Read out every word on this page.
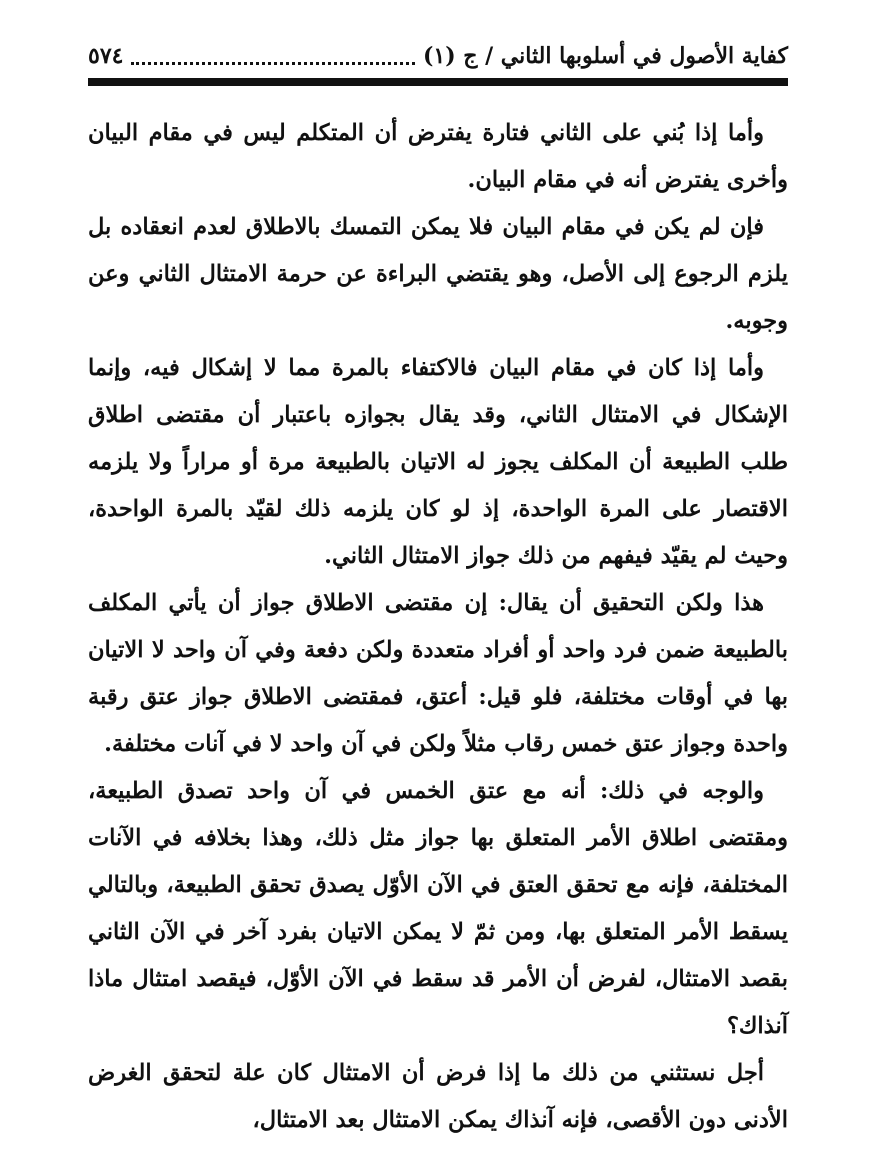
كفاية الأصول في أسلوبها الثاني / ج (١)
٥٧٤

وأما إذا بُني على الثاني فتارة يفترض أن المتكلم ليس في مقام البيان وأخرى يفترض أنه في مقام البيان.

فإن لم يكن في مقام البيان فلا يمكن التمسك بالاطلاق لعدم انعقاده بل يلزم الرجوع إلى الأصل، وهو يقتضي البراءة عن حرمة الامتثال الثاني وعن وجوبه.

وأما إذا كان في مقام البيان فالاكتفاء بالمرة مما لا إشكال فيه، وإنما الإشكال في الامتثال الثاني، وقد يقال بجوازه باعتبار أن مقتضى اطلاق طلب الطبيعة أن المكلف يجوز له الاتيان بالطبيعة مرة أو مراراً ولا يلزمه الاقتصار على المرة الواحدة، إذ لو كان يلزمه ذلك لقيّد بالمرة الواحدة، وحيث لم يقيّد فيفهم من ذلك جواز الامتثال الثاني.

هذا ولكن التحقيق أن يقال: إن مقتضى الاطلاق جواز أن يأتي المكلف بالطبيعة ضمن فرد واحد أو أفراد متعددة ولكن دفعة وفي آن واحد لا الاتيان بها في أوقات مختلفة، فلو قيل: أعتق، فمقتضى الاطلاق جواز عتق رقبة واحدة وجواز عتق خمس رقاب مثلاً ولكن في آن واحد لا في آنات مختلفة.

والوجه في ذلك: أنه مع عتق الخمس في آن واحد تصدق الطبيعة، ومقتضى اطلاق الأمر المتعلق بها جواز مثل ذلك، وهذا بخلافه في الآنات المختلفة، فإنه مع تحقق العتق في الآن الأوّل يصدق تحقق الطبيعة، وبالتالي يسقط الأمر المتعلق بها، ومن ثمّ لا يمكن الاتيان بفرد آخر في الآن الثاني بقصد الامتثال، لفرض أن الأمر قد سقط في الآن الأوّل، فيقصد امتثال ماذا آنذاك؟

أجل نستثني من ذلك ما إذا فرض أن الامتثال كان علة لتحقق الغرض الأدنى دون الأقصى، فإنه آنذاك يمكن الامتثال بعد الامتثال،
